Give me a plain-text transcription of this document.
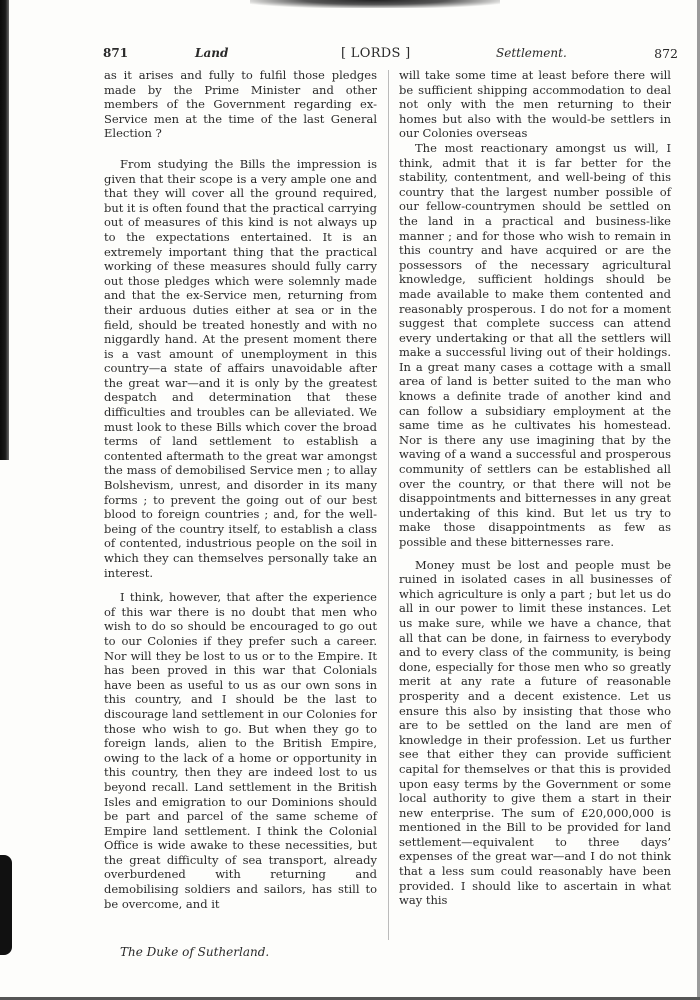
871	Land	[ LORDS ]	Settlement.	872

as it arises and fully to fulfil those pledges made by the Prime Minister and other members of the Government regarding ex-Service men at the time of the last General Election ?

From studying the Bills the impression is given that their scope is a very ample one and that they will cover all the ground required, but it is often found that the practical carrying out of measures of this kind is not always up to the expectations entertained. It is an extremely important thing that the practical working of these measures should fully carry out those pledges which were solemnly made and that the ex-Service men, returning from their arduous duties either at sea or in the field, should be treated honestly and with no niggardly hand. At the present moment there is a vast amount of unemployment in this country—a state of affairs unavoidable after the great war—and it is only by the greatest despatch and determination that these difficulties and troubles can be alleviated. We must look to these Bills which cover the broad terms of land settlement to establish a contented aftermath to the great war amongst the mass of demobilised Service men ; to allay Bolshevism, unrest, and disorder in its many forms ; to prevent the going out of our best blood to foreign countries ; and, for the well-being of the country itself, to establish a class of contented, industrious people on the soil in which they can themselves personally take an interest.

I think, however, that after the experience of this war there is no doubt that men who wish to do so should be encouraged to go out to our Colonies if they prefer such a career. Nor will they be lost to us or to the Empire. It has been proved in this war that Colonials have been as useful to us as our own sons in this country, and I should be the last to discourage land settlement in our Colonies for those who wish to go. But when they go to foreign lands, alien to the British Empire, owing to the lack of a home or opportunity in this country, then they are indeed lost to us beyond recall. Land settlement in the British Isles and emigration to our Dominions should be part and parcel of the same scheme of Empire land settlement. I think the Colonial Office is wide awake to these necessities, but the great difficulty of sea transport, already overburdened with returning and demobilising soldiers and sailors, has still to be overcome, and it

will take some time at least before there will be sufficient shipping accommodation to deal not only with the men returning to their homes but also with the would-be settlers in our Colonies overseas

The most reactionary amongst us will, I think, admit that it is far better for the stability, contentment, and well-being of this country that the largest number possible of our fellow-countrymen should be settled on the land in a practical and business-like manner ; and for those who wish to remain in this country and have acquired or are the possessors of the necessary agricultural knowledge, sufficient holdings should be made available to make them contented and reasonably prosperous. I do not for a moment suggest that complete success can attend every undertaking or that all the settlers will make a successful living out of their holdings. In a great many cases a cottage with a small area of land is better suited to the man who knows a definite trade of another kind and can follow a subsidiary employment at the same time as he cultivates his homestead. Nor is there any use imagining that by the waving of a wand a successful and prosperous community of settlers can be established all over the country, or that there will not be disappointments and bitternesses in any great undertaking of this kind. But let us try to make those disappointments as few as possible and these bitternesses rare.

Money must be lost and people must be ruined in isolated cases in all businesses of which agriculture is only a part ; but let us do all in our power to limit these instances. Let us make sure, while we have a chance, that all that can be done, in fairness to everybody and to every class of the community, is being done, especially for those men who so greatly merit at any rate a future of reasonable prosperity and a decent existence. Let us ensure this also by insisting that those who are to be settled on the land are men of knowledge in their profession. Let us further see that either they can provide sufficient capital for themselves or that this is provided upon easy terms by the Government or some local authority to give them a start in their new enterprise. The sum of £20,000,000 is mentioned in the Bill to be provided for land settlement—equivalent to three days’ expenses of the great war—and I do not think that a less sum could reasonably have been provided. I should like to ascertain in what way this

The Duke of Sutherland.
